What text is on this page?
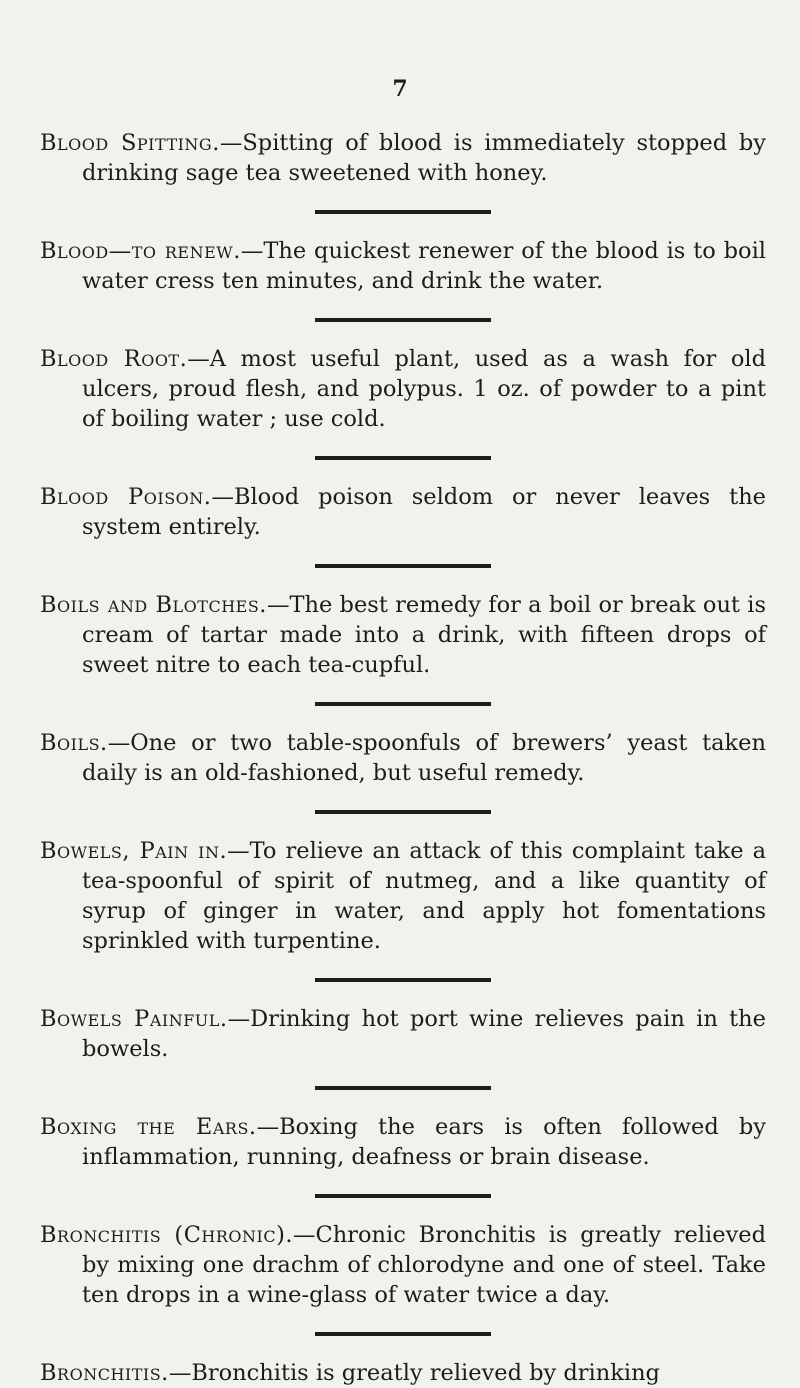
7

Blood Spitting.—Spitting of blood is immediately stopped by drinking sage tea sweetened with honey.

Blood—to renew.—The quickest renewer of the blood is to boil water cress ten minutes, and drink the water.

Blood Root.—A most useful plant, used as a wash for old ulcers, proud flesh, and polypus. 1 oz. of powder to a pint of boiling water ; use cold.

Blood Poison.—Blood poison seldom or never leaves the system entirely.

Boils and Blotches.—The best remedy for a boil or break out is cream of tartar made into a drink, with fifteen drops of sweet nitre to each tea-cupful.

Boils.—One or two table-spoonfuls of brewers’ yeast taken daily is an old-fashioned, but useful remedy.

Bowels, Pain in.—To relieve an attack of this complaint take a tea-spoonful of spirit of nutmeg, and a like quantity of syrup of ginger in water, and apply hot fomentations sprinkled with turpentine.

Bowels Painful.—Drinking hot port wine relieves pain in the bowels.

Boxing the Ears.—Boxing the ears is often followed by inflammation, running, deafness or brain disease.

Bronchitis (Chronic).—Chronic Bronchitis is greatly relieved by mixing one drachm of chlorodyne and one of steel. Take ten drops in a wine-glass of water twice a day.

Bronchitis.—Bronchitis is greatly relieved by drinking
